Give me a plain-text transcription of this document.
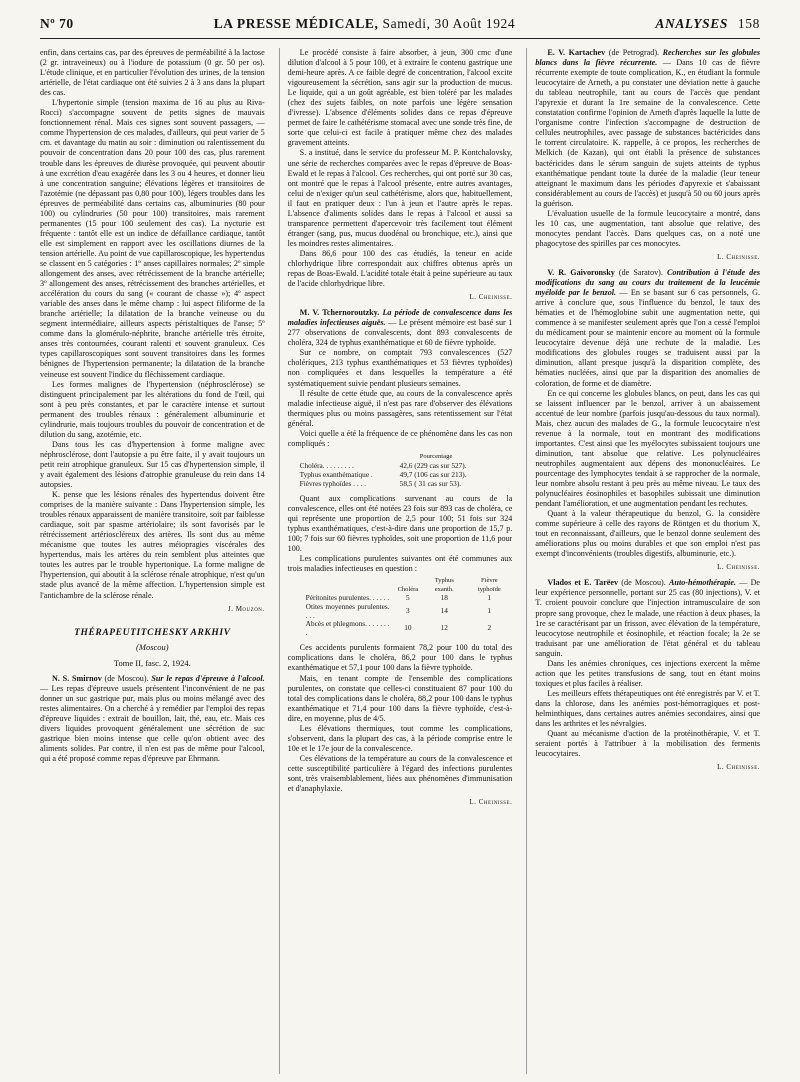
Nº 70	LA PRESSE MÉDICALE, Samedi, 30 Août 1924	ANALYSES 158

enfin, dans certains cas, par des épreuves de perméabilité à la lactose (2 gr. intraveineux) ou à l'iodure de potassium (0 gr. 50 per os). L'étude clinique, et en particulier l'évolution des urines, de la tension artérielle, de l'état cardiaque ont été suivies 2 à 3 ans dans la plupart des cas.

L'hypertonie simple (tension maxima de 16 au plus au Riva-Rocci) s'accompagne souvent de petits signes de mauvais fonctionnement rénal. Mais ces signes sont souvent passagers, — comme l'hypertension de ces malades, d'ailleurs, qui peut varier de 5 cm. et davantage du matin au soir : diminution ou ralentissement du pouvoir de concentration dans 20 pour 100 des cas, plus rarement trouble dans les épreuves de diurèse provoquée, qui peuvent aboutir à une excrétion d'eau exagérée dans les 3 ou 4 heures, et donner lieu à une concentration sanguine; élévations légères et transitoires de l'azotémie (ne dépassant pas 0,80 pour 100), légers troubles dans les épreuves de perméabilité dans certains cas, albuminuries (80 pour 100) ou cylindruries (50 pour 100) transitoires, mais rarement permanentes (15 pour 100 seulement des cas). La nycturie est fréquente : tantôt elle est un indice de défaillance cardiaque, tantôt elle est simplement en rapport avec les oscillations diurnes de la tension artérielle. Au point de vue capillaroscopique, les hypertendus se classent en 5 catégories : 1º anses capillaires normales; 2º simple allongement des anses, avec rétrécissement de la branche artérielle; 3º allongement des anses, rétrécissement des branches artérielles, et accélération du cours du sang (« courant de chasse »); 4º aspect variable des anses dans le même champ : lui aspect filiforme de la branche artérielle; la dilatation de la branche veineuse ou du segment intermédiaire, ailleurs aspects péristaltiques de l'anse; 5º comme dans la glomérulo-néphrite, branche artérielle très étroite, anses très contournées, courant ralenti et souvent granuleux. Ces types capillaroscopiques sont souvent transitoires dans les formes bénignes de l'hypertension permanente; la dilatation de la branche veineuse est souvent l'indice du fléchissement cardiaque.

Les formes malignes de l'hypertension (néphrosclérose) se distinguent principalement par les altérations du fond de l'œil, qui sont à peu près constantes, et par le caractère intense et surtout permanent des troubles rénaux : généralement albuminurie et cylindrurie, mais toujours troubles du pouvoir de concentration et de dilution du sang, azotémie, etc.

Dans tous les cas d'hypertension à forme maligne avec néphrosclérose, dont l'autopsie a pu être faite, il y avait toujours un petit rein atrophique granuleux. Sur 15 cas d'hypertension simple, il y avait également des lésions d'atrophie granuleuse du rein dans 14 autopsies.

K. pense que les lésions rénales des hypertendus doivent être comprises de la manière suivante : Dans l'hypertension simple, les troubles rénaux apparaissent de manière transitoire, soit par faiblesse cardiaque, soit par spasme artériolaire; ils sont favorisés par le rétrécissement artérioscléreux des artères. Ils sont dus au même mécanisme que toutes les autres méiopragies viscérales des hypertendus, mais les artères du rein semblent plus atteintes que toutes les autres par le trouble hypertonique. La forme maligne de l'hypertension, qui aboutit à la sclérose rénale atrophique, n'est qu'un stade plus avancé de la même affection. L'hypertension simple est l'antichambre de la sclérose rénale.

J. Mouzon.
THÉRAPEUTITCHESKY ARKHIV
(Moscou)
Tome II, fasc. 2, 1924.

N. S. Smirnov (de Moscou). Sur le repas d'épreuve à l'alcool. — Les repas d'épreuve usuels présentent l'inconvénient de ne pas donner un suc gastrique pur, mais plus ou moins mélangé avec des restes alimentaires. On a cherché à y remédier par l'emploi des repas d'épreuve liquides : extrait de bouillon, lait, thé, eau, etc. Mais ces divers liquides provoquent généralement une sécrétion de suc gastrique bien moins intense que celle qu'on obtient avec des aliments solides. Par contre, il n'en est pas de même pour l'alcool, qui a été proposé comme repas d'épreuve par Ehrmann.

Le procédé consiste à faire absorber, à jeun, 300 cmc d'une dilution d'alcool à 5 pour 100, et à extraire le contenu gastrique une demi-heure après. A ce faible degré de concentration, l'alcool excite vigoureusement la sécrétion, sans agir sur la production de mucus. Le liquide, qui a un goût agréable, est bien toléré par les malades (chez des sujets faibles, on note parfois une légère sensation d'ivresse). L'absence d'éléments solides dans ce repas d'épreuve permet de faire le cathétérisme stomacal avec une sonde très fine, de sorte que celui-ci est facile à pratiquer même chez des malades gravement atteints.

S. a institué, dans le service du professeur M. P. Kontchalovsky, une série de recherches comparées avec le repas d'épreuve de Boas-Ewald et le repas à l'alcool. Ces recherches, qui ont porté sur 30 cas, ont montré que le repas à l'alcool présente, entre autres avantages, celui de n'exiger qu'un seul cathétérisme, alors que, habituellement, il faut en pratiquer deux : l'un à jeun et l'autre après le repas. L'absence d'aliments solides dans le repas à l'alcool et aussi sa transparence permettent d'apercevoir très facilement tout élément étranger (sang, pus, mucus duodénal ou bronchique, etc.), ainsi que les moindres restes alimentaires.

Dans 86,6 pour 100 des cas étudiés, la teneur en acide chlorhydrique libre correspondait aux chiffres obtenus après un repas de Boas-Ewald. L'acidité totale était à peine supérieure au taux de l'acide chlorhydrique libre.

L. Cheinisse.

M. V. Tchernoroutzky. La période de convalescence dans les maladies infectieuses aiguës. — Le présent mémoire est basé sur 1 277 observations de convalescents, dont 893 convalescents de choléra, 324 de typhus exanthématique et 60 de fièvre typhoïde.

Sur ce nombre, on comptait 793 convalescences (527 choléríques, 213 typhus exanthématiques et 53 fièvres typhoïdes) non compliquées et dans lesquelles la température a été systématiquement suivie pendant plusieurs semaines.

Il résulte de cette étude que, au cours de la convalescence après maladie infectieuse aiguë, il n'est pas rare d'observer des élévations thermiques plus ou moins passagères, sans retentissement sur l'état général.

Voici quelle a été la fréquence de ce phénomène dans les cas non compliqués :

Pourcentage
Choléra. . . . . . . . .	42,6 (229 cas sur 527).
Typhus exanthématique .	49,7 (106 cas sur 213).
Fièvres typhoïdes . . . .	58,5 ( 31 cas sur 53).

Quant aux complications survenant au cours de la convalescence, elles ont été notées 23 fois sur 893 cas de choléra, ce qui représente une proportion de 2,5 pour 100; 51 fois sur 324 typhus exanthématiques, c'est-à-dire dans une proportion de 15,7 p. 100; 7 fois sur 60 fièvres typhoïdes, soit une proportion de 11,6 pour 100.

Les complications purulentes suivantes ont été communes aux trois maladies infectieuses en question :

	Choléra	Typhus exanth.	Fièvre typhoïde
Péritonites purulentes. . . . . .	5	18	1
Otites moyennes purulentes. . . .	3	14	1
Abcès et phlegmons. . . . . . . .	10	12	2

Ces accidents purulents formaient 78,2 pour 100 du total des complications dans le choléra, 86,2 pour 100 dans le typhus exanthématique et 57,1 pour 100 dans la fièvre typhoïde.

Mais, en tenant compte de l'ensemble des complications purulentes, on constate que celles-ci constituaient 87 pour 100 du total des complications dans le choléra, 88,2 pour 100 dans le typhus exanthématique et 71,4 pour 100 dans la fièvre typhoïde, c'est-à-dire, en moyenne, plus de 4/5.

Les élévations thermiques, tout comme les complications, s'observent, dans la plupart des cas, à la période comprise entre le 10e et le 17e jour de la convalescence.

Ces élévations de la température au cours de la convalescence et cette susceptibilité particulière à l'égard des infections purulentes sont, très vraisemblablement, liées aux phénomènes d'immunisation et d'anaphylaxie.

L. Cheinisse.

E. V. Kartachev (de Petrograd). Recherches sur les globules blancs dans la fièvre récurrente. — Dans 10 cas de fièvre récurrente exempte de toute complication, K., en étudiant la formule leucocytaire de Arneth, a pu constater une déviation nette à gauche du tableau neutrophile, tant au cours de l'accès que pendant l'apyrexie et durant la 1re semaine de la convalescence. Cette constatation confirme l'opinion de Arneth d'après laquelle la lutte de l'organisme contre l'infection s'accompagne de destruction de cellules neutrophiles, avec passage de substances bactéricides dans le torrent circulatoire. K. rappelle, à ce propos, les recherches de Melkich (de Kazan), qui ont établi la présence de substances bactéricides dans le sérum sanguin de sujets atteints de typhus exanthématique pendant toute la durée de la maladie (leur teneur atteignant le maximum dans les périodes d'apyrexie et s'abaissant considérablement au cours de l'accès) et jusqu'à 50 ou 60 jours après la guérison.

L'évaluation usuelle de la formule leucocytaire a montré, dans les 10 cas, une augmentation, tant absolue que relative, des monocytes pendant l'accès. Dans quelques cas, on a noté une phagocytose des spirilles par ces monocytes.

L. Cheinisse.

V. R. Gaivoronsky (de Saratov). Contribution à l'étude des modifications du sang au cours du traitement de la leucémie myéloïde par le benzol. — En se basant sur 6 cas personnels, G. arrive à conclure que, sous l'influence du benzol, le taux des hématies et de l'hémoglobine subit une augmentation nette, qui commence à se manifester seulement après que l'on a cessé l'emploi du médicament pour se maintenir encore au moment où la formule leucocytaire devenue déjà une rechute de la maladie. Les modifications des globules rouges se traduisent aussi par la diminution, allant presque jusqu'à la disparition complète, des hématies nucléées, ainsi que par la disparition des anomalies de coloration, de forme et de diamètre.

En ce qui concerne les globules blancs, on peut, dans les cas qui se laissent influencer par le benzol, arriver à un abaissement accentué de leur nombre (parfois jusqu'au-dessous du taux normal). Mais, chez aucun des malades de G., la formule leucocytaire n'est revenue à la normale, tout en montrant des modifications importantes. C'est ainsi que les myélocytes subissaient toujours une diminution, tant absolue que relative. Les polynucléaires neutrophiles augmentaient aux dépens des mononucléaires. Le pourcentage des lymphocytes tendait à se rapprocher de la normale, leur nombre absolu restant à peu près au même niveau. Le taux des polynucléaires éosinophiles et basophiles subissait une diminution pendant l'amélioration, et une augmentation pendant les rechutes.

Quant à la valeur thérapeutique du benzol, G. la considère comme supérieure à celle des rayons de Röntgen et du thorium X, tout en reconnaissant, d'ailleurs, que le benzol donne seulement des améliorations plus ou moins durables et que son emploi n'est pas exempt d'inconvénients (troubles digestifs, albuminurie, etc.).

L. Cheinisse.

Vlados et E. Tarëev (de Moscou). Auto-hémothérapie. — De leur expérience personnelle, portant sur 25 cas (80 injections), V. et T. croient pouvoir conclure que l'injection intramusculaire de son propre sang provoque, chez le malade, une réaction à deux phases, la 1re se caractérisant par un frisson, avec élévation de la température, leucocytose neutrophile et éosinophile, et réaction focale; la 2e se traduisant par une amélioration de l'état général et du tableau sanguin.

Dans les anémies chroniques, ces injections exercent la même action que les petites transfusions de sang, tout en étant moins toxiques et plus faciles à réaliser.

Les meilleurs effets thérapeutiques ont été enregistrés par V. et T. dans la chlorose, dans les anémies post-hémorragiques et post-helminthiques, dans certaines autres anémies secondaires, ainsi que dans les arthrites et les névralgies.

Quant au mécanisme d'action de la protéinothérapie, V. et T. seraient portés à l'attribuer à la mobilisation des ferments leucocytaires.

L. Cheinisse.
